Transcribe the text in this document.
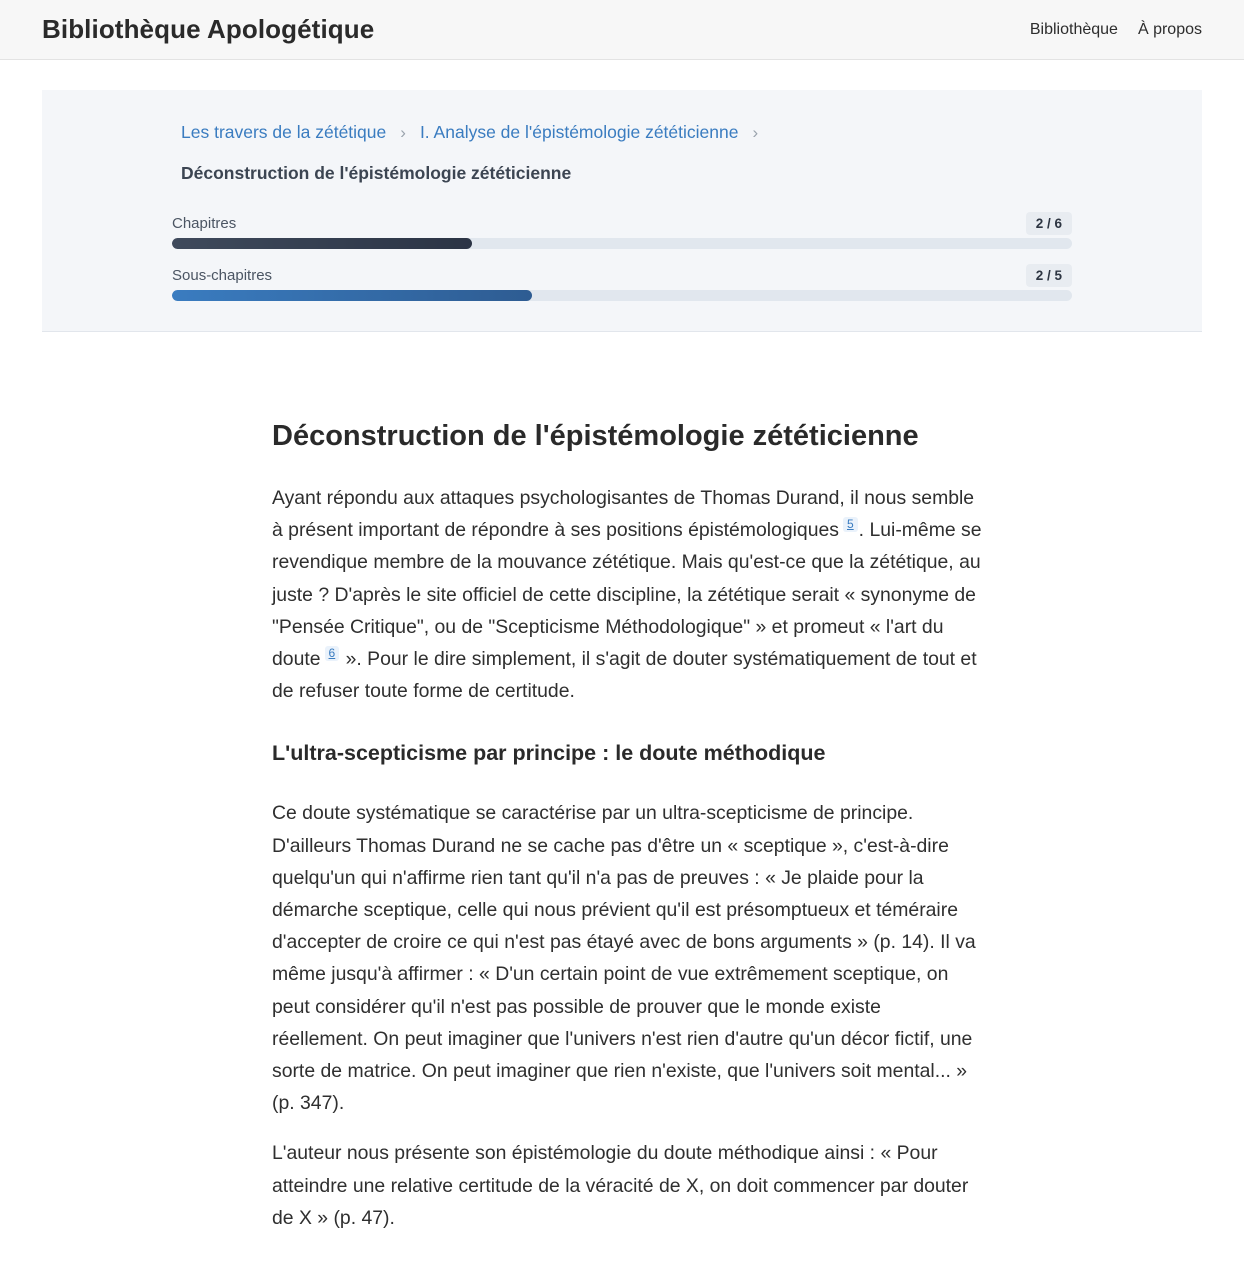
Bibliothèque Apologétique	Bibliothèque À propos
Les travers de la zététique › I. Analyse de l'épistémologie zététicienne ›
Déconstruction de l'épistémologie zététicienne
Chapitres	2 / 6
Sous-chapitres	2 / 5
Déconstruction de l'épistémologie zététicienne

Ayant répondu aux attaques psychologisantes de Thomas Durand, il nous semble à présent important de répondre à ses positions épistémologiques 5 . Lui-même se revendique membre de la mouvance zététique. Mais qu'est-ce que la zététique, au juste ? D'après le site officiel de cette discipline, la zététique serait « synonyme de "Pensée Critique", ou de "Scepticisme Méthodologique" » et promeut « l'art du doute 6 ». Pour le dire simplement, il s'agit de douter systématiquement de tout et de refuser toute forme de certitude.

L'ultra-scepticisme par principe : le doute méthodique

Ce doute systématique se caractérise par un ultra-scepticisme de principe. D'ailleurs Thomas Durand ne se cache pas d'être un « sceptique », c'est-à-dire quelqu'un qui n'affirme rien tant qu'il n'a pas de preuves : « Je plaide pour la démarche sceptique, celle qui nous prévient qu'il est présomptueux et téméraire d'accepter de croire ce qui n'est pas étayé avec de bons arguments » (p. 14). Il va même jusqu'à affirmer : « D'un certain point de vue extrêmement sceptique, on peut considérer qu'il n'est pas possible de prouver que le monde existe réellement. On peut imaginer que l'univers n'est rien d'autre qu'un décor fictif, une sorte de matrice. On peut imaginer que rien n'existe, que l'univers soit mental... » (p. 347).

L'auteur nous présente son épistémologie du doute méthodique ainsi : « Pour atteindre une relative certitude de la véracité de X, on doit commencer par douter de X » (p. 47).
